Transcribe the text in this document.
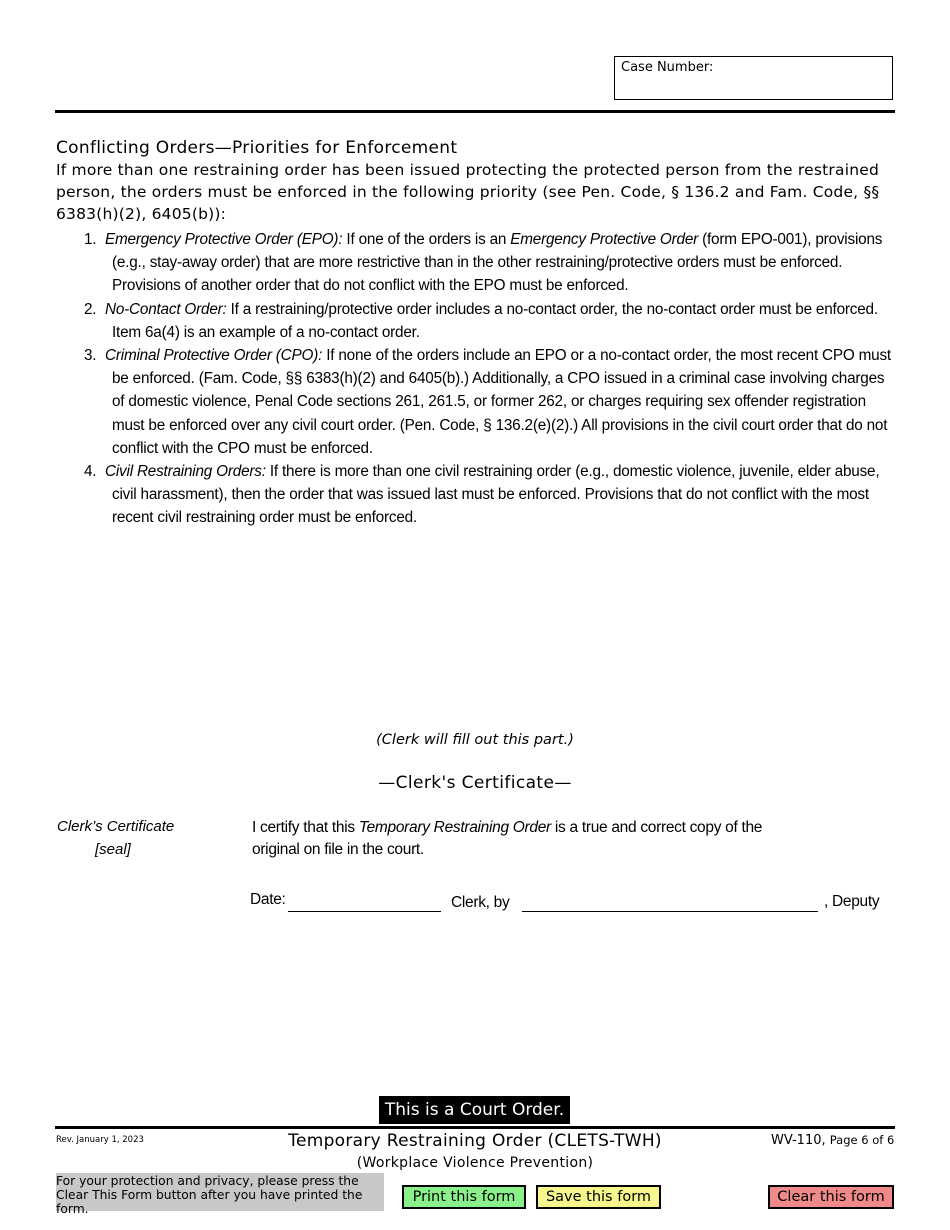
Case Number:
Conflicting Orders—Priorities for Enforcement
If more than one restraining order has been issued protecting the protected person from the restrained person, the orders must be enforced in the following priority (see Pen. Code, § 136.2 and Fam. Code, §§ 6383(h)(2), 6405(b)):
1. Emergency Protective Order (EPO): If one of the orders is an Emergency Protective Order (form EPO-001), provisions (e.g., stay-away order) that are more restrictive than in the other restraining/protective orders must be enforced. Provisions of another order that do not conflict with the EPO must be enforced.
2. No-Contact Order: If a restraining/protective order includes a no-contact order, the no-contact order must be enforced. Item 6a(4) is an example of a no-contact order.
3. Criminal Protective Order (CPO): If none of the orders include an EPO or a no-contact order, the most recent CPO must be enforced. (Fam. Code, §§ 6383(h)(2) and 6405(b).) Additionally, a CPO issued in a criminal case involving charges of domestic violence, Penal Code sections 261, 261.5, or former 262, or charges requiring sex offender registration must be enforced over any civil court order. (Pen. Code, § 136.2(e)(2).) All provisions in the civil court order that do not conflict with the CPO must be enforced.
4. Civil Restraining Orders: If there is more than one civil restraining order (e.g., domestic violence, juvenile, elder abuse, civil harassment), then the order that was issued last must be enforced. Provisions that do not conflict with the most recent civil restraining order must be enforced.
(Clerk will fill out this part.)
—Clerk's Certificate—
Clerk’s Certificate
[seal]
I certify that this Temporary Restraining Order is a true and correct copy of the original on file in the court.
Date:	Clerk, by	, Deputy
This is a Court Order.
Rev. January 1, 2023	Temporary Restraining Order (CLETS-TWH)
(Workplace Violence Prevention)
WV-110, Page 6 of 6
For your protection and privacy, please press the Clear This Form button after you have printed the form.
Print this form	Save this form	Clear this form
